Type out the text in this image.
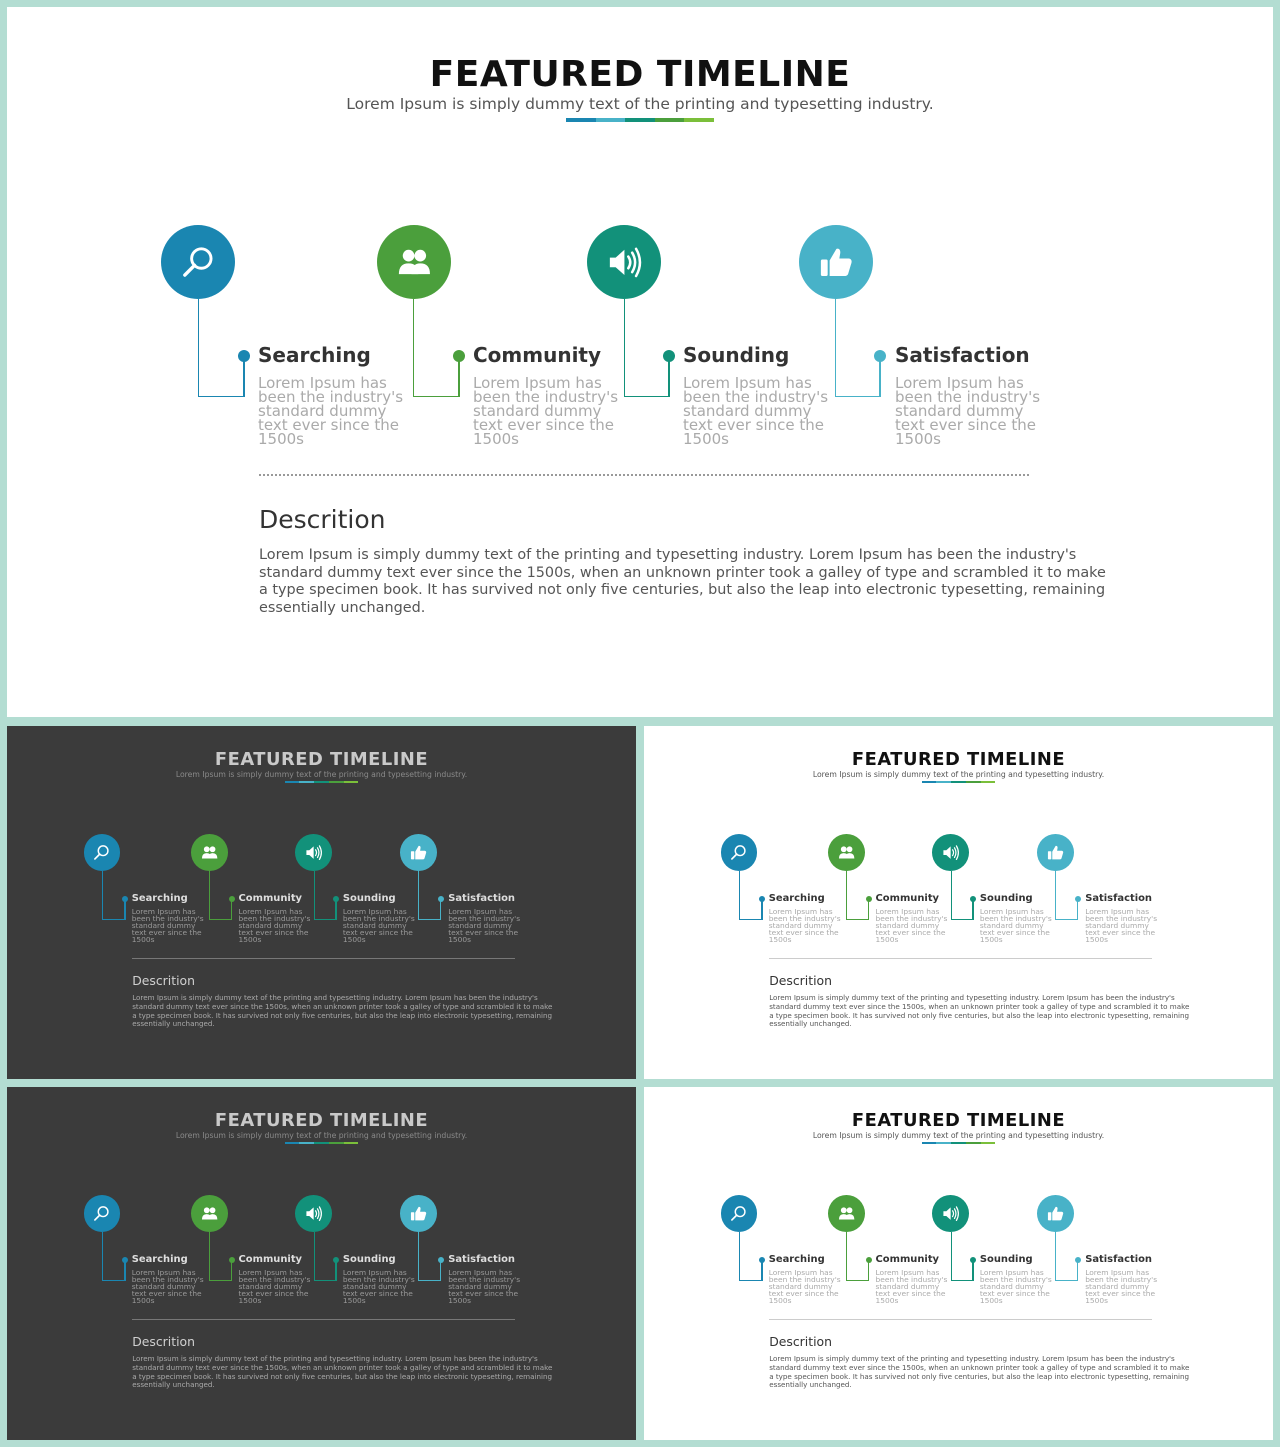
FEATURED TIMELINE
Lorem Ipsum is simply dummy text of the printing and typesetting industry.
Searching
Lorem Ipsum has
been the industry's
standard dummy
text ever since the
1500s
Community
Lorem Ipsum has
been the industry's
standard dummy
text ever since the
1500s
Sounding
Lorem Ipsum has
been the industry's
standard dummy
text ever since the
1500s
Satisfaction
Lorem Ipsum has
been the industry's
standard dummy
text ever since the
1500s
Descrition
Lorem Ipsum is simply dummy text of the printing and typesetting industry. Lorem Ipsum has been the industry's
standard dummy text ever since the 1500s, when an unknown printer took a galley of type and scrambled it to make
a type specimen book. It has survived not only five centuries, but also the leap into electronic typesetting, remaining
essentially unchanged.
FEATURED TIMELINE
Lorem Ipsum is simply dummy text of the printing and typesetting industry.
Searching
Lorem Ipsum has
been the industry's
standard dummy
text ever since the
1500s
Community
Lorem Ipsum has
been the industry's
standard dummy
text ever since the
1500s
Sounding
Lorem Ipsum has
been the industry's
standard dummy
text ever since the
1500s
Satisfaction
Lorem Ipsum has
been the industry's
standard dummy
text ever since the
1500s
Descrition
Lorem Ipsum is simply dummy text of the printing and typesetting industry. Lorem Ipsum has been the industry's
standard dummy text ever since the 1500s, when an unknown printer took a galley of type and scrambled it to make
a type specimen book. It has survived not only five centuries, but also the leap into electronic typesetting, remaining
essentially unchanged.
FEATURED TIMELINE
Lorem Ipsum is simply dummy text of the printing and typesetting industry.
Searching
Lorem Ipsum has
been the industry's
standard dummy
text ever since the
1500s
Community
Lorem Ipsum has
been the industry's
standard dummy
text ever since the
1500s
Sounding
Lorem Ipsum has
been the industry's
standard dummy
text ever since the
1500s
Satisfaction
Lorem Ipsum has
been the industry's
standard dummy
text ever since the
1500s
Descrition
Lorem Ipsum is simply dummy text of the printing and typesetting industry. Lorem Ipsum has been the industry's
standard dummy text ever since the 1500s, when an unknown printer took a galley of type and scrambled it to make
a type specimen book. It has survived not only five centuries, but also the leap into electronic typesetting, remaining
essentially unchanged.
FEATURED TIMELINE
Lorem Ipsum is simply dummy text of the printing and typesetting industry.
Searching
Lorem Ipsum has
been the industry's
standard dummy
text ever since the
1500s
Community
Lorem Ipsum has
been the industry's
standard dummy
text ever since the
1500s
Sounding
Lorem Ipsum has
been the industry's
standard dummy
text ever since the
1500s
Satisfaction
Lorem Ipsum has
been the industry's
standard dummy
text ever since the
1500s
Descrition
Lorem Ipsum is simply dummy text of the printing and typesetting industry. Lorem Ipsum has been the industry's
standard dummy text ever since the 1500s, when an unknown printer took a galley of type and scrambled it to make
a type specimen book. It has survived not only five centuries, but also the leap into electronic typesetting, remaining
essentially unchanged.
FEATURED TIMELINE
Lorem Ipsum is simply dummy text of the printing and typesetting industry.
Searching
Lorem Ipsum has
been the industry's
standard dummy
text ever since the
1500s
Community
Lorem Ipsum has
been the industry's
standard dummy
text ever since the
1500s
Sounding
Lorem Ipsum has
been the industry's
standard dummy
text ever since the
1500s
Satisfaction
Lorem Ipsum has
been the industry's
standard dummy
text ever since the
1500s
Descrition
Lorem Ipsum is simply dummy text of the printing and typesetting industry. Lorem Ipsum has been the industry's
standard dummy text ever since the 1500s, when an unknown printer took a galley of type and scrambled it to make
a type specimen book. It has survived not only five centuries, but also the leap into electronic typesetting, remaining
essentially unchanged.
